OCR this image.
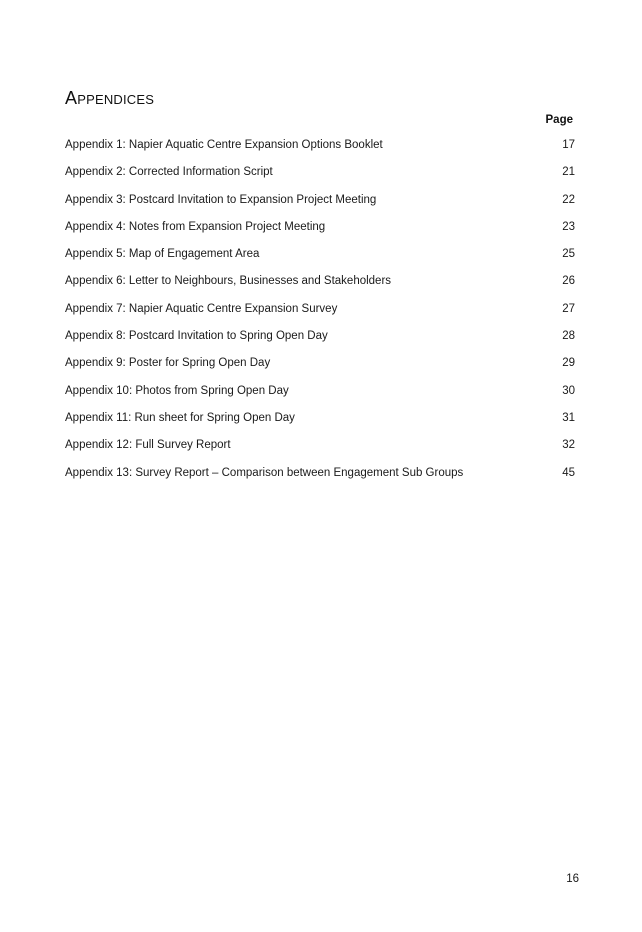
Appendices
Page
Appendix 1: Napier Aquatic Centre Expansion Options Booklet	17
Appendix 2: Corrected Information Script	21
Appendix 3: Postcard Invitation to Expansion Project Meeting	22
Appendix 4: Notes from Expansion Project Meeting	23
Appendix 5: Map of Engagement Area	25
Appendix 6: Letter to Neighbours, Businesses and Stakeholders	26
Appendix 7: Napier Aquatic Centre Expansion Survey	27
Appendix 8: Postcard Invitation to Spring Open Day	28
Appendix 9: Poster for Spring Open Day	29
Appendix 10: Photos from Spring Open Day	30
Appendix 11: Run sheet for Spring Open Day	31
Appendix 12: Full Survey Report	32
Appendix 13: Survey Report – Comparison between Engagement Sub Groups	45
16
